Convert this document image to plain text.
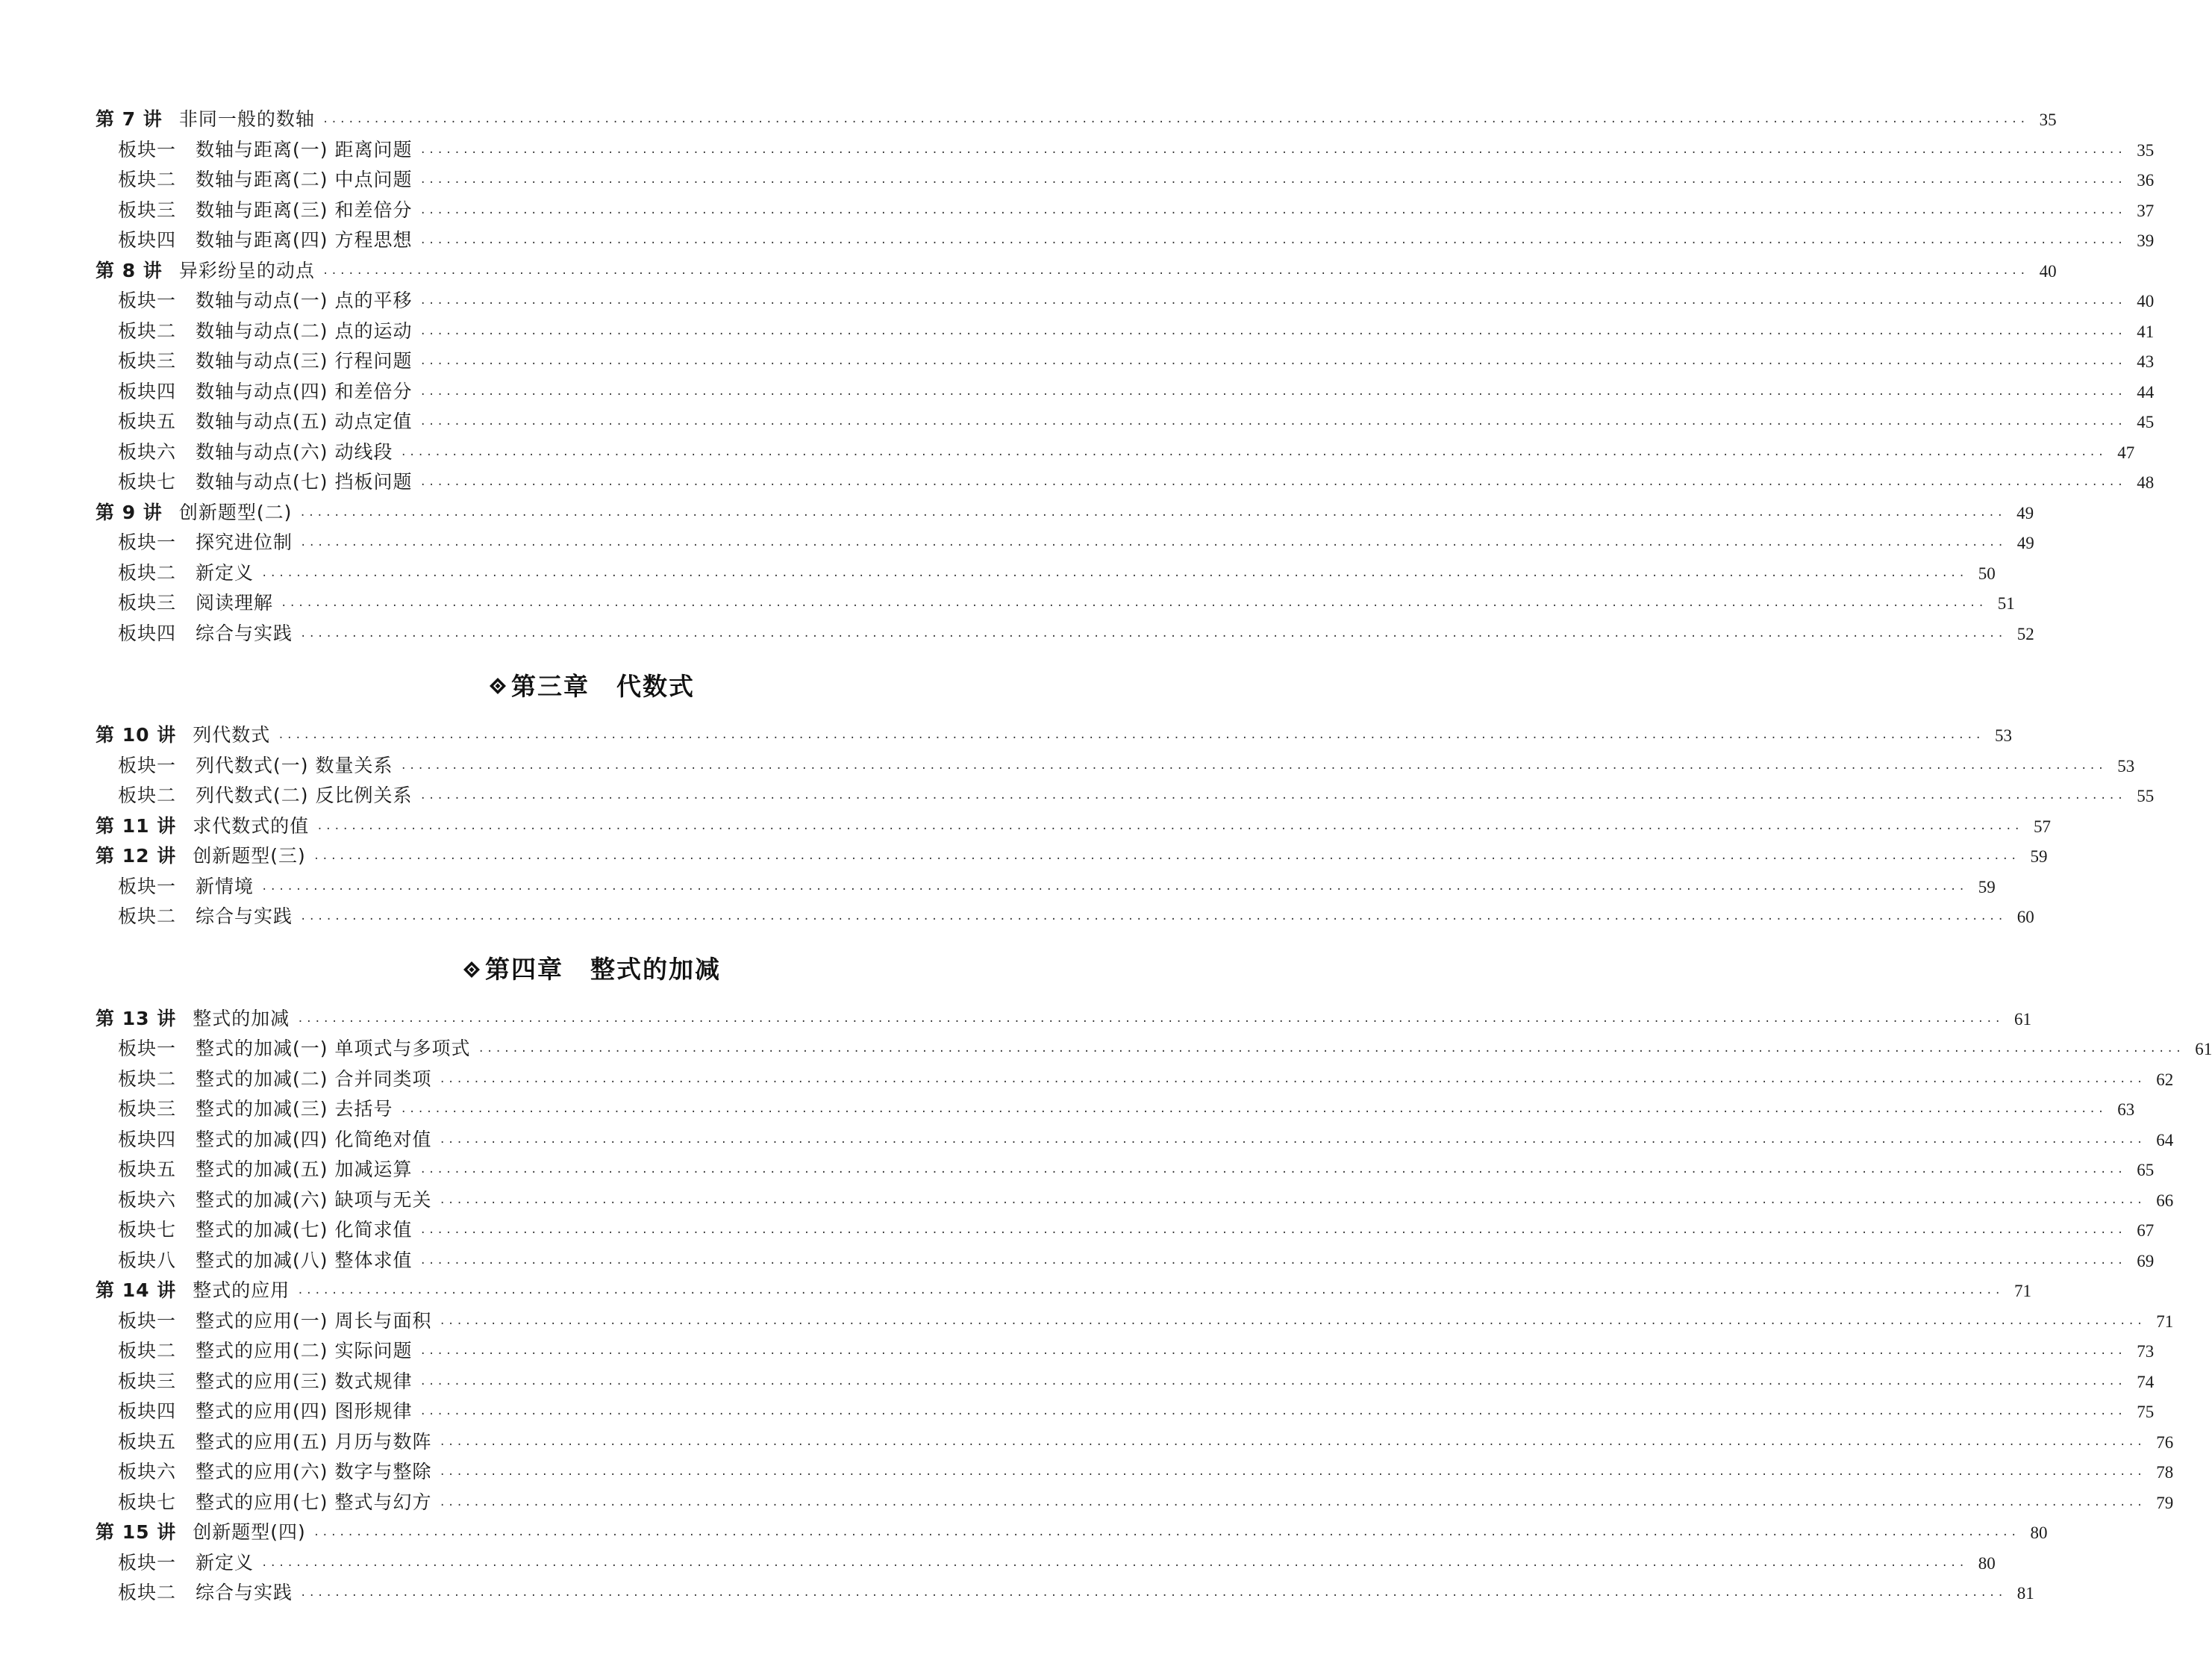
第 7 讲 非同一般的数轴 ········································································································································································································ 35
板块一 数轴与距离(一) 距离问题 ········································································································································································································ 35
板块二 数轴与距离(二) 中点问题 ········································································································································································································ 36
板块三 数轴与距离(三) 和差倍分 ········································································································································································································ 37
板块四 数轴与距离(四) 方程思想 ········································································································································································································ 39
第 8 讲 异彩纷呈的动点 ········································································································································································································ 40
板块一 数轴与动点(一) 点的平移 ········································································································································································································ 40
板块二 数轴与动点(二) 点的运动 ········································································································································································································ 41
板块三 数轴与动点(三) 行程问题 ········································································································································································································ 43
板块四 数轴与动点(四) 和差倍分 ········································································································································································································ 44
板块五 数轴与动点(五) 动点定值 ········································································································································································································ 45
板块六 数轴与动点(六) 动线段 ········································································································································································································ 47
板块七 数轴与动点(七) 挡板问题 ········································································································································································································ 48
第 9 讲 创新题型(二) ········································································································································································································ 49
板块一 探究进位制 ········································································································································································································ 49
板块二 新定义 ········································································································································································································ 50
板块三 阅读理解 ········································································································································································································ 51
板块四 综合与实践 ········································································································································································································ 52
第三章 代数式
第 10 讲 列代数式 ········································································································································································································ 53
板块一 列代数式(一) 数量关系 ········································································································································································································ 53
板块二 列代数式(二) 反比例关系 ········································································································································································································ 55
第 11 讲 求代数式的值 ········································································································································································································ 57
第 12 讲 创新题型(三) ········································································································································································································ 59
板块一 新情境 ········································································································································································································ 59
板块二 综合与实践 ········································································································································································································ 60
第四章 整式的加减
第 13 讲 整式的加减 ········································································································································································································ 61
板块一 整式的加减(一) 单项式与多项式 ········································································································································································································ 61
板块二 整式的加减(二) 合并同类项 ········································································································································································································ 62
板块三 整式的加减(三) 去括号 ········································································································································································································ 63
板块四 整式的加减(四) 化简绝对值 ········································································································································································································ 64
板块五 整式的加减(五) 加减运算 ········································································································································································································ 65
板块六 整式的加减(六) 缺项与无关 ········································································································································································································ 66
板块七 整式的加减(七) 化简求值 ········································································································································································································ 67
板块八 整式的加减(八) 整体求值 ········································································································································································································ 69
第 14 讲 整式的应用 ········································································································································································································ 71
板块一 整式的应用(一) 周长与面积 ········································································································································································································ 71
板块二 整式的应用(二) 实际问题 ········································································································································································································ 73
板块三 整式的应用(三) 数式规律 ········································································································································································································ 74
板块四 整式的应用(四) 图形规律 ········································································································································································································ 75
板块五 整式的应用(五) 月历与数阵 ········································································································································································································ 76
板块六 整式的应用(六) 数字与整除 ········································································································································································································ 78
板块七 整式的应用(七) 整式与幻方 ········································································································································································································ 79
第 15 讲 创新题型(四) ········································································································································································································ 80
板块一 新定义 ········································································································································································································ 80
板块二 综合与实践 ········································································································································································································ 81
